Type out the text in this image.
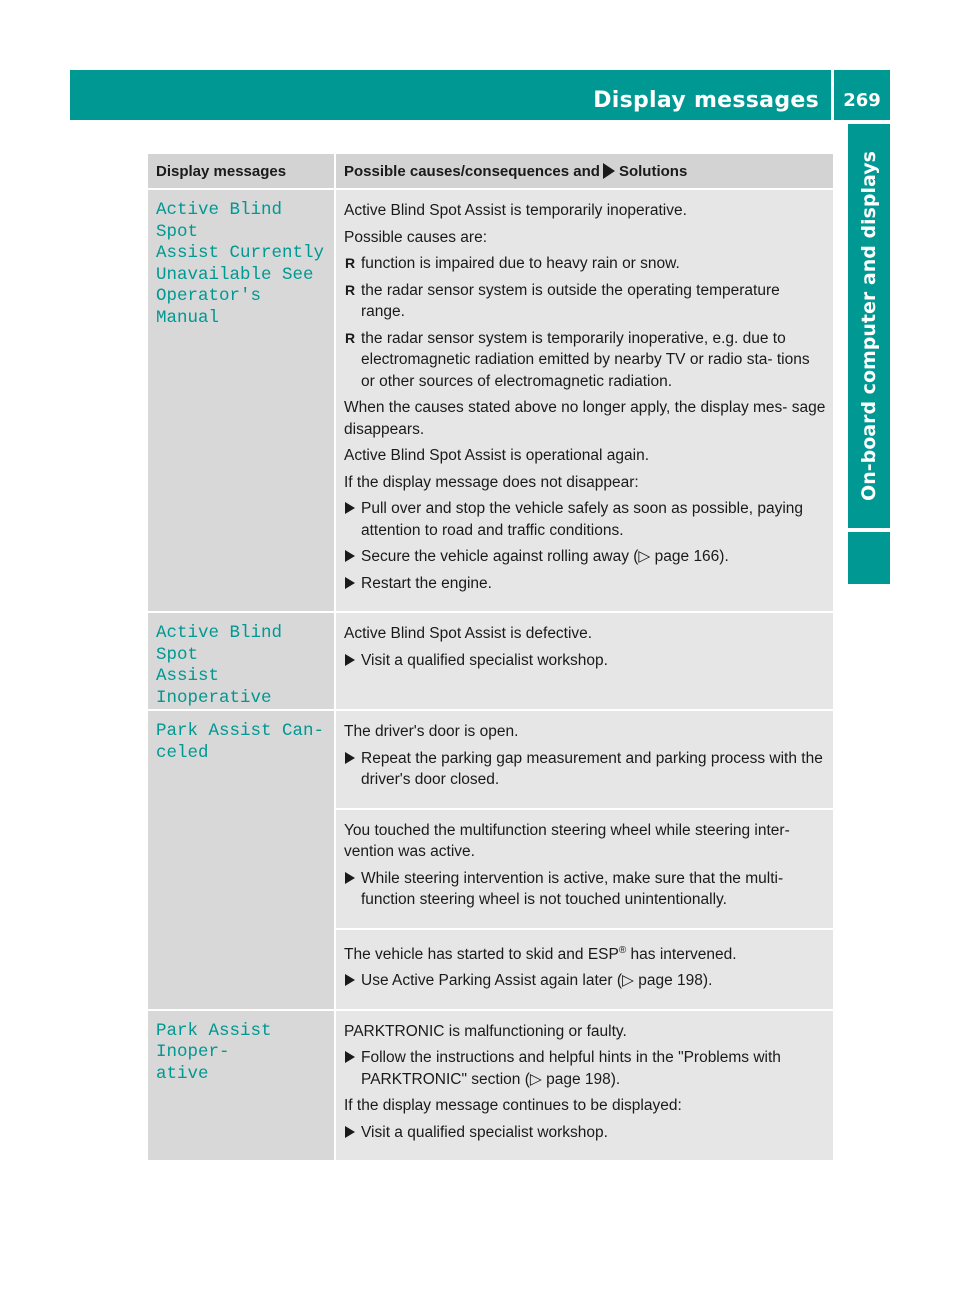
Display messages	269
On-board computer and displays
Display messages	Possible causes/consequences and Solutions
Active Blind Spot
Assist Currently
Unavailable See
Operator's Manual
Active Blind Spot Assist is temporarily inoperative.
Possible causes are:
R function is impaired due to heavy rain or snow.
R the radar sensor system is outside the operating temperature range.
R the radar sensor system is temporarily inoperative, e.g. due to electromagnetic radiation emitted by nearby TV or radio sta- tions or other sources of electromagnetic radiation.
When the causes stated above no longer apply, the display mes- sage disappears.
Active Blind Spot Assist is operational again.
If the display message does not disappear:
Pull over and stop the vehicle safely as soon as possible, paying attention to road and traffic conditions.
Secure the vehicle against rolling away (▷ page 166).
Restart the engine.
Active Blind Spot
Assist Inoperative
Active Blind Spot Assist is defective.
Visit a qualified specialist workshop.
Park Assist Can‐
celed
The driver's door is open.
Repeat the parking gap measurement and parking process with the driver's door closed.
You touched the multifunction steering wheel while steering inter- vention was active.
While steering intervention is active, make sure that the multi- function steering wheel is not touched unintentionally.
The vehicle has started to skid and ESP® has intervened.
Use Active Parking Assist again later (▷ page 198).
Park Assist Inoper‐
ative
PARKTRONIC is malfunctioning or faulty.
Follow the instructions and helpful hints in the "Problems with PARKTRONIC" section (▷ page 198).
If the display message continues to be displayed:
Visit a qualified specialist workshop.
